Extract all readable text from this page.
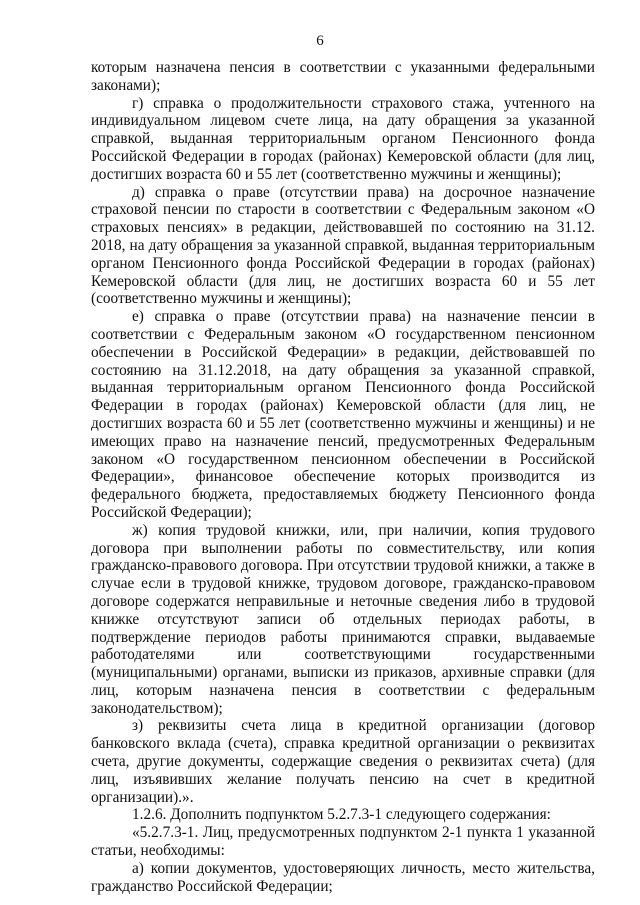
6

которым назначена пенсия в соответствии с указанными федеральными законами);

г) справка о продолжительности страхового стажа, учтенного на индивидуальном лицевом счете лица, на дату обращения за указанной справкой, выданная территориальным органом Пенсионного фонда Российской Федерации в городах (районах) Кемеровской области (для лиц, достигших возраста 60 и 55 лет (соответственно мужчины и женщины);

д) справка о праве (отсутствии права) на досрочное назначение страховой пенсии по старости в соответствии с Федеральным законом «О страховых пенсиях» в редакции, действовавшей по состоянию на 31.12. 2018, на дату обращения за указанной справкой, выданная территориальным органом Пенсионного фонда Российской Федерации в городах (районах) Кемеровской области (для лиц, не достигших возраста 60 и 55 лет (соответственно мужчины и женщины);

е) справка о праве (отсутствии права) на назначение пенсии в соответствии с Федеральным законом «О государственном пенсионном обеспечении в Российской Федерации» в редакции, действовавшей по состоянию на 31.12.2018, на дату обращения за указанной справкой, выданная территориальным органом Пенсионного фонда Российской Федерации в городах (районах) Кемеровской области (для лиц, не достигших возраста 60 и 55 лет (соответственно мужчины и женщины) и не имеющих право на назначение пенсий, предусмотренных Федеральным законом «О государственном пенсионном обеспечении в Российской Федерации», финансовое обеспечение которых производится из федерального бюджета, предоставляемых бюджету Пенсионного фонда Российской Федерации);

ж) копия трудовой книжки, или, при наличии, копия трудового договора при выполнении работы по совместительству, или копия гражданско-правового договора. При отсутствии трудовой книжки, а также в случае если в трудовой книжке, трудовом договоре, гражданско-правовом договоре содержатся неправильные и неточные сведения либо в трудовой книжке отсутствуют записи об отдельных периодах работы, в подтверждение периодов работы принимаются справки, выдаваемые работодателями или соответствующими государственными (муниципальными) органами, выписки из приказов, архивные справки (для лиц, которым назначена пенсия в соответствии с федеральным законодательством);

з) реквизиты счета лица в кредитной организации (договор банковского вклада (счета), справка кредитной организации о реквизитах счета, другие документы, содержащие сведения о реквизитах счета) (для лиц, изъявивших желание получать пенсию на счет в кредитной организации).».

1.2.6. Дополнить подпунктом 5.2.7.3-1 следующего содержания:

«5.2.7.3-1. Лиц, предусмотренных подпунктом 2-1 пункта 1 указанной статьи, необходимы:

а) копии документов, удостоверяющих личность, место жительства, гражданство Российской Федерации;
